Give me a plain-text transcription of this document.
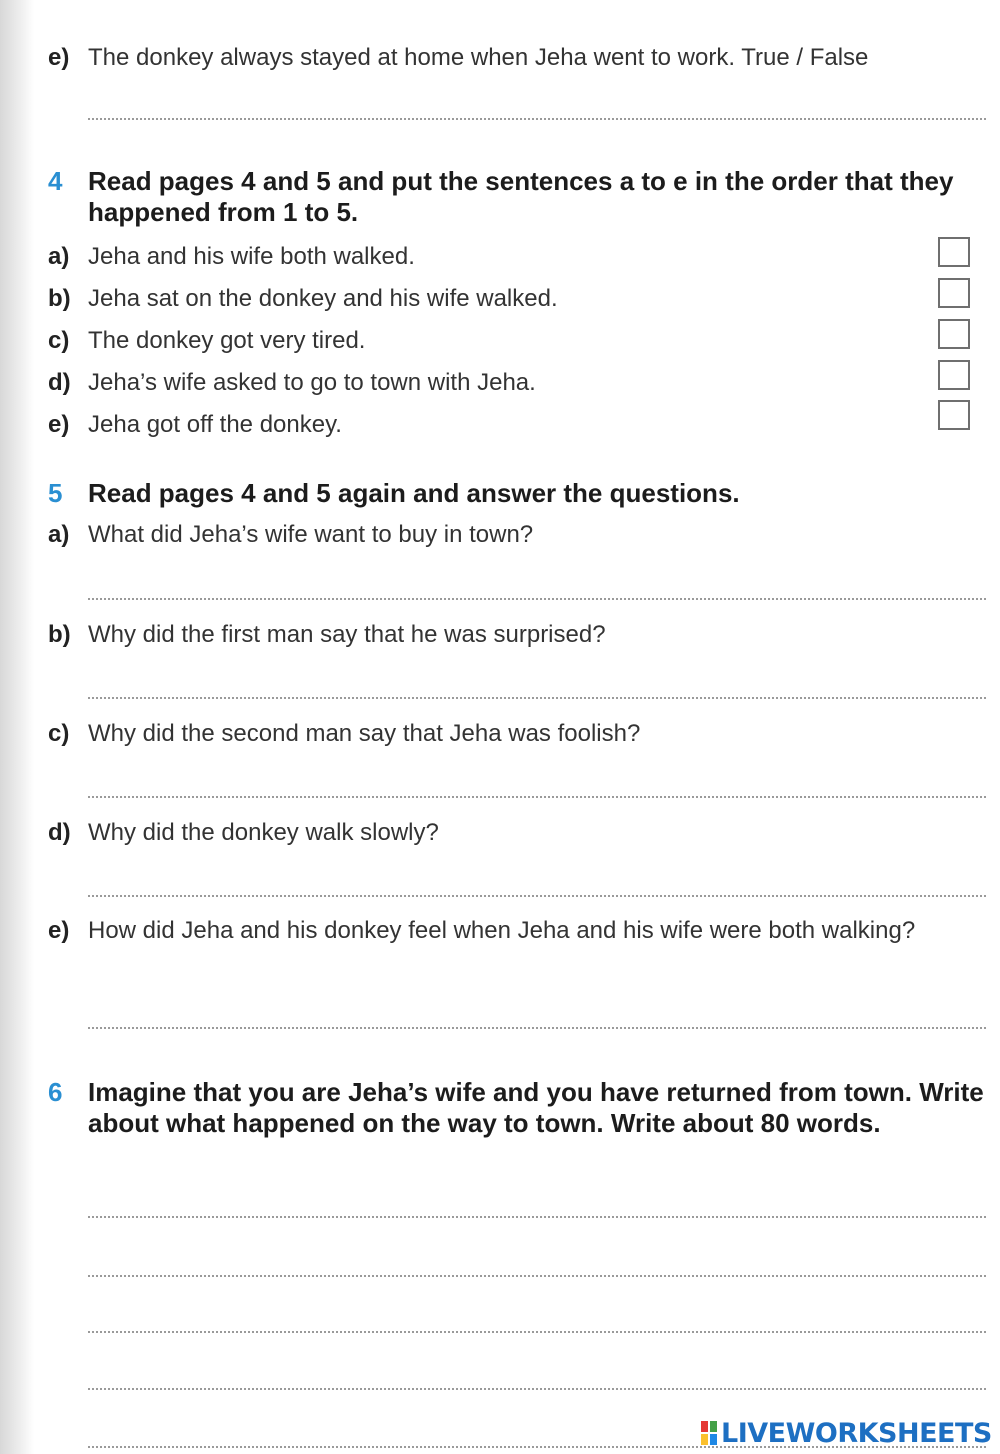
e) The donkey always stayed at home when Jeha went to work. True / False
4 Read pages 4 and 5 and put the sentences a to e in the order that they happened from 1 to 5.
a) Jeha and his wife both walked.
b) Jeha sat on the donkey and his wife walked.
c) The donkey got very tired.
d) Jeha’s wife asked to go to town with Jeha.
e) Jeha got off the donkey.
5 Read pages 4 and 5 again and answer the questions.
a) What did Jeha’s wife want to buy in town?
b) Why did the first man say that he was surprised?
c) Why did the second man say that Jeha was foolish?
d) Why did the donkey walk slowly?
e) How did Jeha and his donkey feel when Jeha and his wife were both walking?
6 Imagine that you are Jeha’s wife and you have returned from town. Write about what happened on the way to town. Write about 80 words.
LIVEWORKSHEETS
